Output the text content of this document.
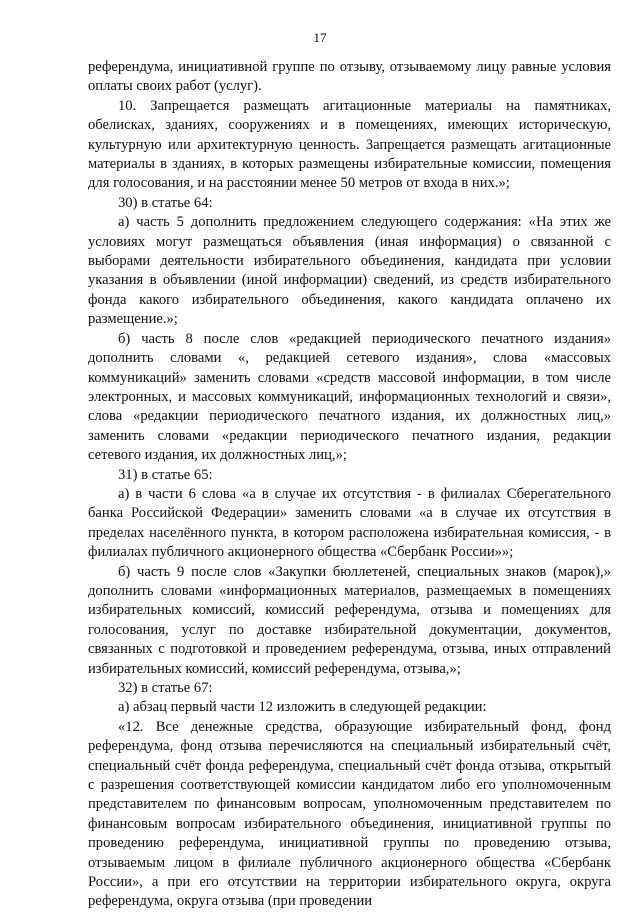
17

референдума, инициативной группе по отзыву, отзываемому лицу равные условия оплаты своих работ (услуг).

10. Запрещается размещать агитационные материалы на памятниках, обелисках, зданиях, сооружениях и в помещениях, имеющих историческую, культурную или архитектурную ценность. Запрещается размещать агитационные материалы в зданиях, в которых размещены избирательные комиссии, помещения для голосования, и на расстоянии менее 50 метров от входа в них.»;

30) в статье 64:

а) часть 5 дополнить предложением следующего содержания: «На этих же условиях могут размещаться объявления (иная информация) о связанной с выборами деятельности избирательного объединения, кандидата при условии указания в объявлении (иной информации) сведений, из средств избирательного фонда какого избирательного объединения, какого кандидата оплачено их размещение.»;

б) часть 8 после слов «редакцией периодического печатного издания» дополнить словами «, редакцией сетевого издания», слова «массовых коммуникаций» заменить словами «средств массовой информации, в том числе электронных, и массовых коммуникаций, информационных технологий и связи», слова «редакции периодического печатного издания, их должностных лиц,» заменить словами «редакции периодического печатного издания, редакции сетевого издания, их должностных лиц,»;

31) в статье 65:

а) в части 6 слова «а в случае их отсутствия - в филиалах Сберегательного банка Российской Федерации» заменить словами «а в случае их отсутствия в пределах населённого пункта, в котором расположена избирательная комиссия, - в филиалах публичного акционерного общества «Сбербанк России»»;

б) часть 9 после слов «Закупки бюллетеней, специальных знаков (марок),» дополнить словами «информационных материалов, размещаемых в помещениях избирательных комиссий, комиссий референдума, отзыва и помещениях для голосования, услуг по доставке избирательной документации, документов, связанных с подготовкой и проведением референдума, отзыва, иных отправлений избирательных комиссий, комиссий референдума, отзыва,»;

32) в статье 67:

а) абзац первый части 12 изложить в следующей редакции:

«12. Все денежные средства, образующие избирательный фонд, фонд референдума, фонд отзыва перечисляются на специальный избирательный счёт, специальный счёт фонда референдума, специальный счёт фонда отзыва, открытый с разрешения соответствующей комиссии кандидатом либо его уполномоченным представителем по финансовым вопросам, уполномоченным представителем по финансовым вопросам избирательного объединения, инициативной группы по проведению референдума, инициативной группы по проведению отзыва, отзываемым лицом в филиале публичного акционерного общества «Сбербанк России», а при его отсутствии на территории избирательного округа, округа референдума, округа отзыва (при проведении
